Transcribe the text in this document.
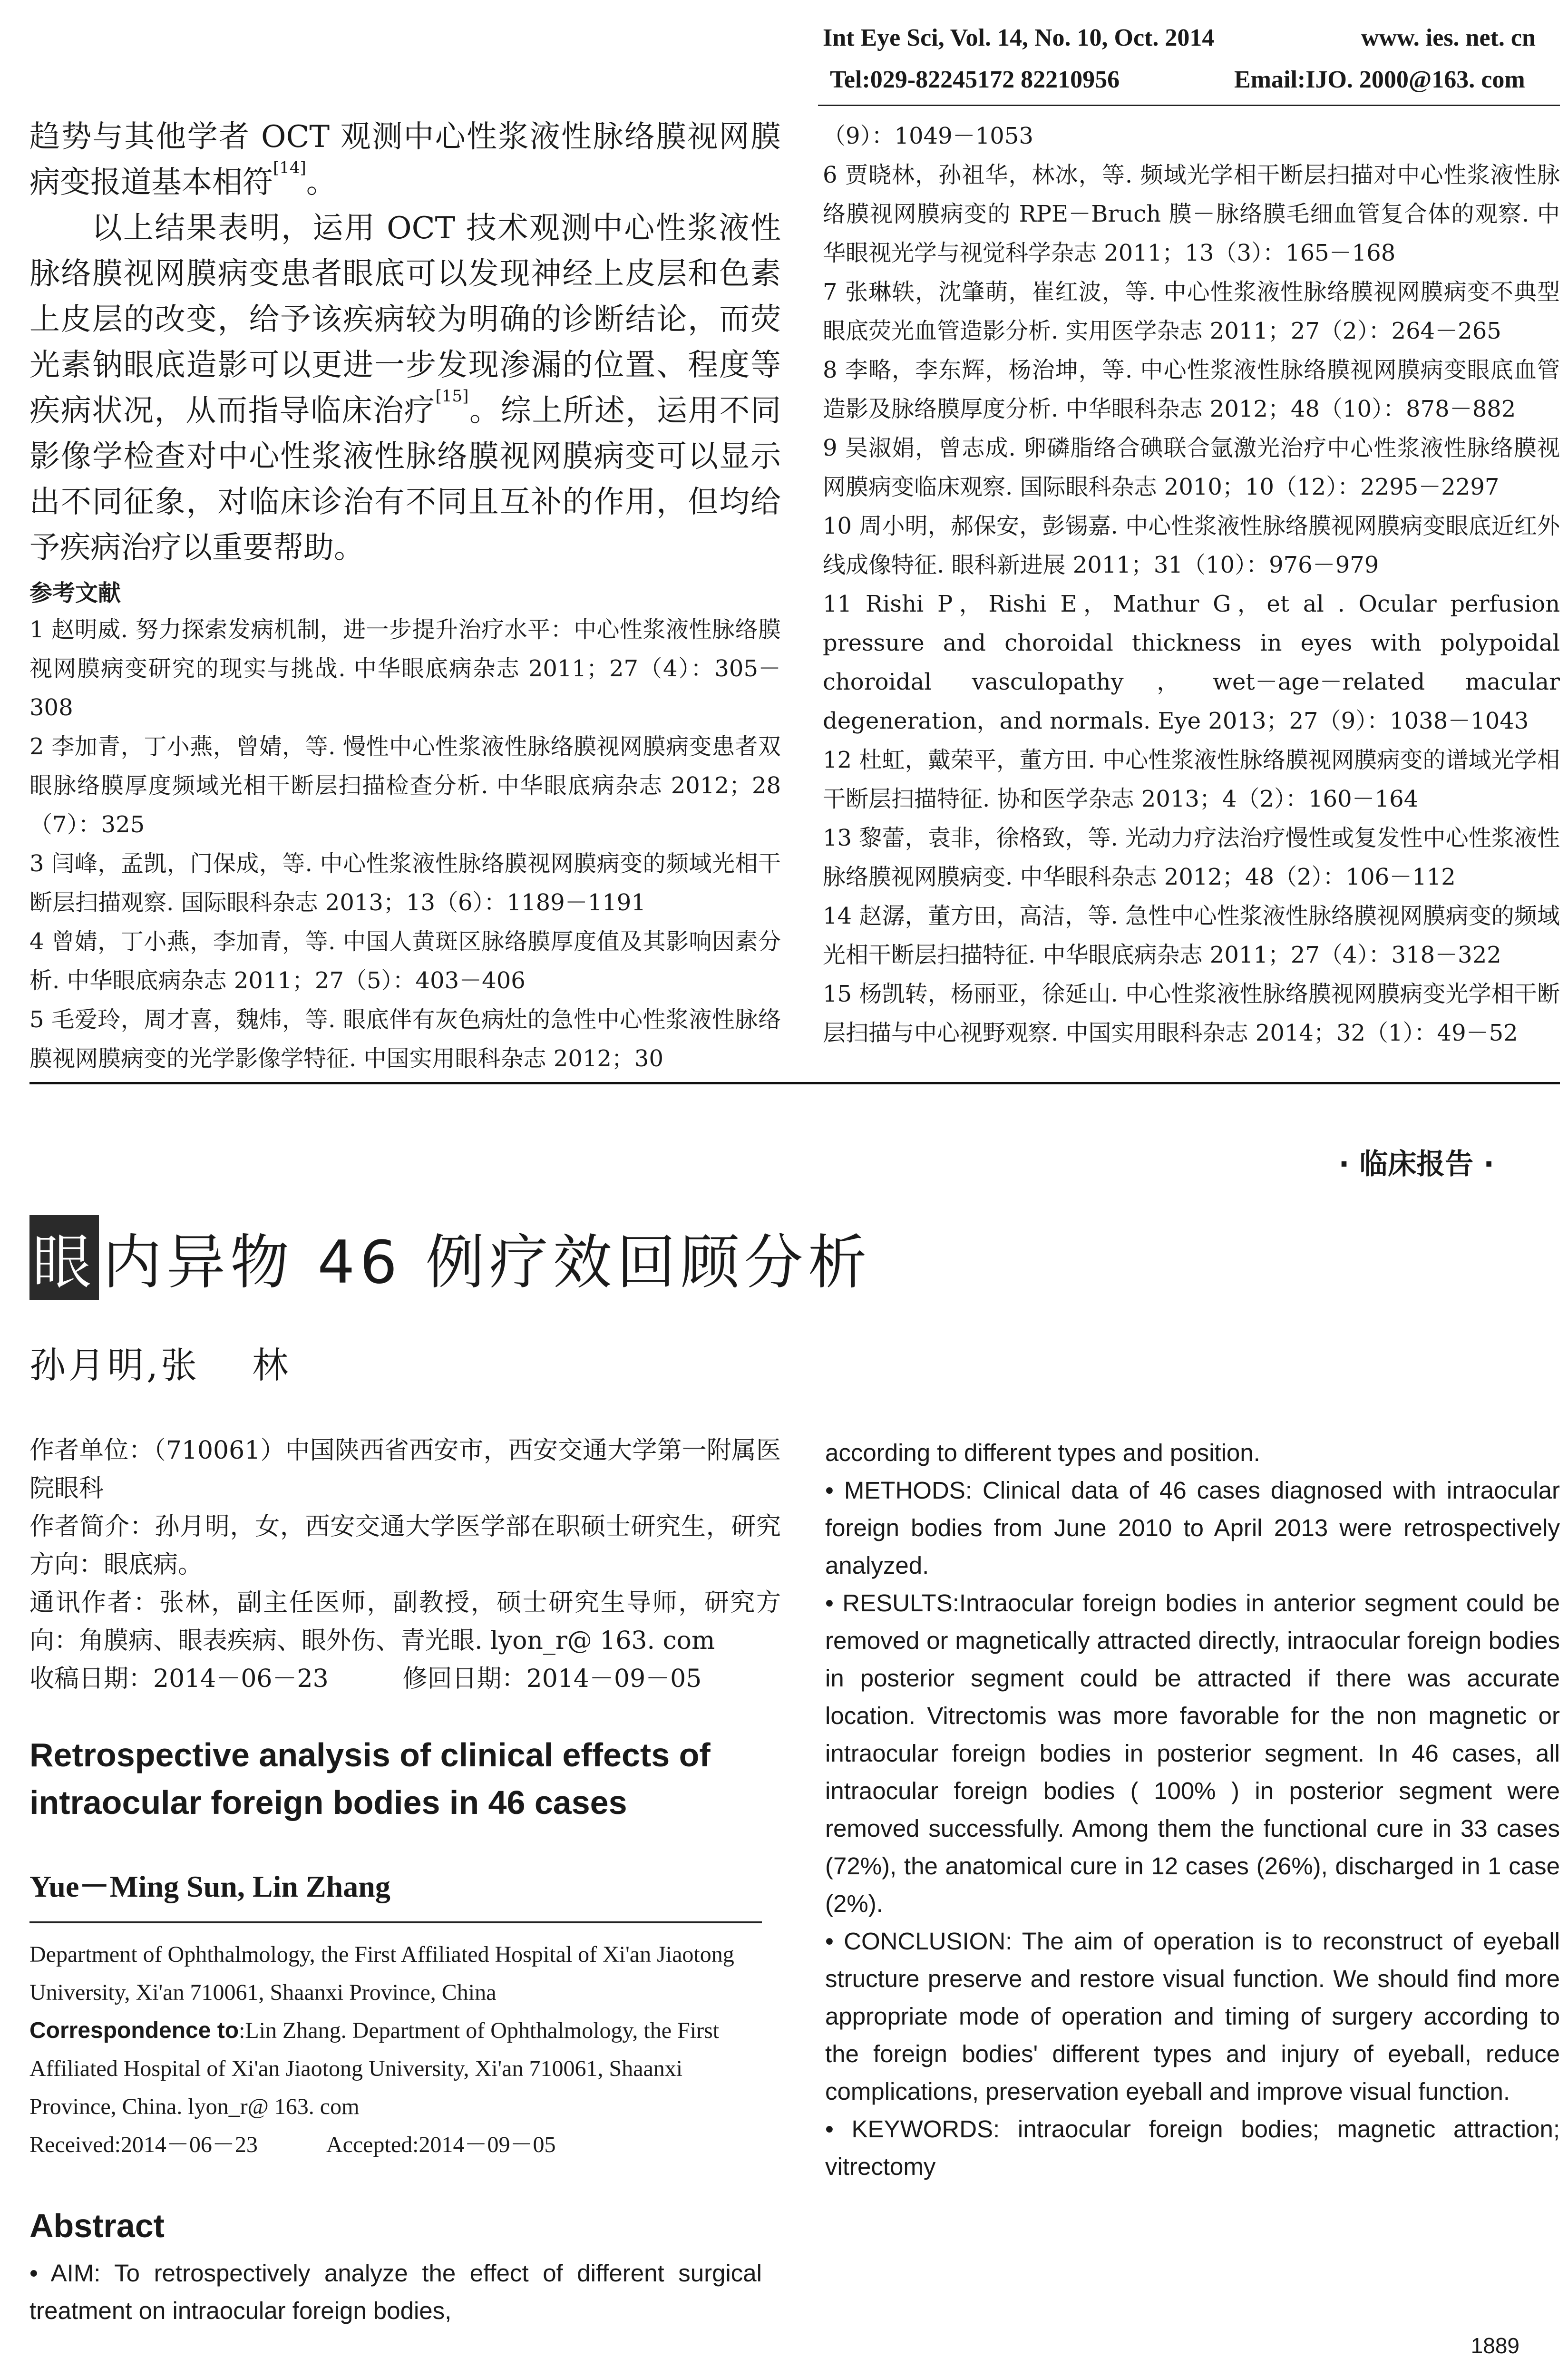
Int Eye Sci, Vol. 14, No. 10, Oct. 2014	www. ies. net. cn
Tel:029-82245172 82210956	Email:IJO. 2000@163. com

趋势与其他学者 OCT 观测中心性浆液性脉络膜视网膜病变报道基本相符[14]。

以上结果表明，运用 OCT 技术观测中心性浆液性脉络膜视网膜病变患者眼底可以发现神经上皮层和色素上皮层的改变，给予该疾病较为明确的诊断结论，而荧光素钠眼底造影可以更进一步发现渗漏的位置、程度等疾病状况，从而指导临床治疗[15]。综上所述，运用不同影像学检查对中心性浆液性脉络膜视网膜病变可以显示出不同征象，对临床诊治有不同且互补的作用，但均给予疾病治疗以重要帮助。

参考文献

1 赵明威. 努力探索发病机制，进一步提升治疗水平：中心性浆液性脉络膜视网膜病变研究的现实与挑战. 中华眼底病杂志 2011；27（4）：305－308

2 李加青，丁小燕，曾婧，等. 慢性中心性浆液性脉络膜视网膜病变患者双眼脉络膜厚度频域光相干断层扫描检查分析. 中华眼底病杂志 2012；28（7）：325

3 闫峰，孟凯，门保成，等. 中心性浆液性脉络膜视网膜病变的频域光相干断层扫描观察. 国际眼科杂志 2013；13（6）：1189－1191

4 曾婧，丁小燕，李加青，等. 中国人黄斑区脉络膜厚度值及其影响因素分析. 中华眼底病杂志 2011；27（5）：403－406

5 毛爱玲，周才喜，魏炜，等. 眼底伴有灰色病灶的急性中心性浆液性脉络膜视网膜病变的光学影像学特征. 中国实用眼科杂志 2012；30

（9）：1049－1053

6 贾晓林，孙祖华，林冰，等. 频域光学相干断层扫描对中心性浆液性脉络膜视网膜病变的 RPE－Bruch 膜－脉络膜毛细血管复合体的观察. 中华眼视光学与视觉科学杂志 2011；13（3）：165－168

7 张琳轶，沈肇萌，崔红波，等. 中心性浆液性脉络膜视网膜病变不典型眼底荧光血管造影分析. 实用医学杂志 2011；27（2）：264－265

8 李略，李东辉，杨治坤，等. 中心性浆液性脉络膜视网膜病变眼底血管造影及脉络膜厚度分析. 中华眼科杂志 2012；48（10）：878－882

9 吴淑娟，曾志成. 卵磷脂络合碘联合氩激光治疗中心性浆液性脉络膜视网膜病变临床观察. 国际眼科杂志 2010；10（12）：2295－2297

10 周小明，郝保安，彭锡嘉. 中心性浆液性脉络膜视网膜病变眼底近红外线成像特征. 眼科新进展 2011；31（10）：976－979

11 Rishi P，Rishi E，Mathur G，et al . Ocular perfusion pressure and choroidal thickness in eyes with polypoidal choroidal vasculopathy，wet－age－related macular degeneration，and normals. Eye 2013；27（9）：1038－1043

12 杜虹，戴荣平，董方田. 中心性浆液性脉络膜视网膜病变的谱域光学相干断层扫描特征. 协和医学杂志 2013；4（2）：160－164

13 黎蕾，袁非，徐格致，等. 光动力疗法治疗慢性或复发性中心性浆液性脉络膜视网膜病变. 中华眼科杂志 2012；48（2）：106－112

14 赵潺，董方田，高洁，等. 急性中心性浆液性脉络膜视网膜病变的频域光相干断层扫描特征. 中华眼底病杂志 2011；27（4）：318－322

15 杨凯转，杨丽亚，徐延山. 中心性浆液性脉络膜视网膜病变光学相干断层扫描与中心视野观察. 中国实用眼科杂志 2014；32（1）：49－52

· 临床报告 ·
眼 内异物 46 例疗效回顾分析
孙月明,张 林

作者单位：（710061）中国陕西省西安市，西安交通大学第一附属医院眼科

作者简介：孙月明，女，西安交通大学医学部在职硕士研究生，研究方向：眼底病。

通讯作者：张林，副主任医师，副教授，硕士研究生导师，研究方向：角膜病、眼表疾病、眼外伤、青光眼. lyon_r@ 163. com

收稿日期：2014－06－23　　　修回日期：2014－09－05

Retrospective analysis of clinical effects of intraocular foreign bodies in 46 cases
Yue－Ming Sun, Lin Zhang

Department of Ophthalmology, the First Affiliated Hospital of Xi'an Jiaotong University, Xi'an 710061, Shaanxi Province, China

Correspondence to:Lin Zhang. Department of Ophthalmology, the First Affiliated Hospital of Xi'an Jiaotong University, Xi'an 710061, Shaanxi Province, China. lyon_r@ 163. com

Received:2014－06－23　　　Accepted:2014－09－05

Abstract

• AIM: To retrospectively analyze the effect of different surgical treatment on intraocular foreign bodies,

according to different types and position.

• METHODS: Clinical data of 46 cases diagnosed with intraocular foreign bodies from June 2010 to April 2013 were retrospectively analyzed.

• RESULTS:Intraocular foreign bodies in anterior segment could be removed or magnetically attracted directly, intraocular foreign bodies in posterior segment could be attracted if there was accurate location. Vitrectomis was more favorable for the non magnetic or intraocular foreign bodies in posterior segment. In 46 cases, all intraocular foreign bodies ( 100% ) in posterior segment were removed successfully. Among them the functional cure in 33 cases (72%), the anatomical cure in 12 cases (26%), discharged in 1 case (2%).

• CONCLUSION: The aim of operation is to reconstruct of eyeball structure preserve and restore visual function. We should find more appropriate mode of operation and timing of surgery according to the foreign bodies' different types and injury of eyeball, reduce complications, preservation eyeball and improve visual function.

• KEYWORDS: intraocular foreign bodies; magnetic attraction; vitrectomy

1889
